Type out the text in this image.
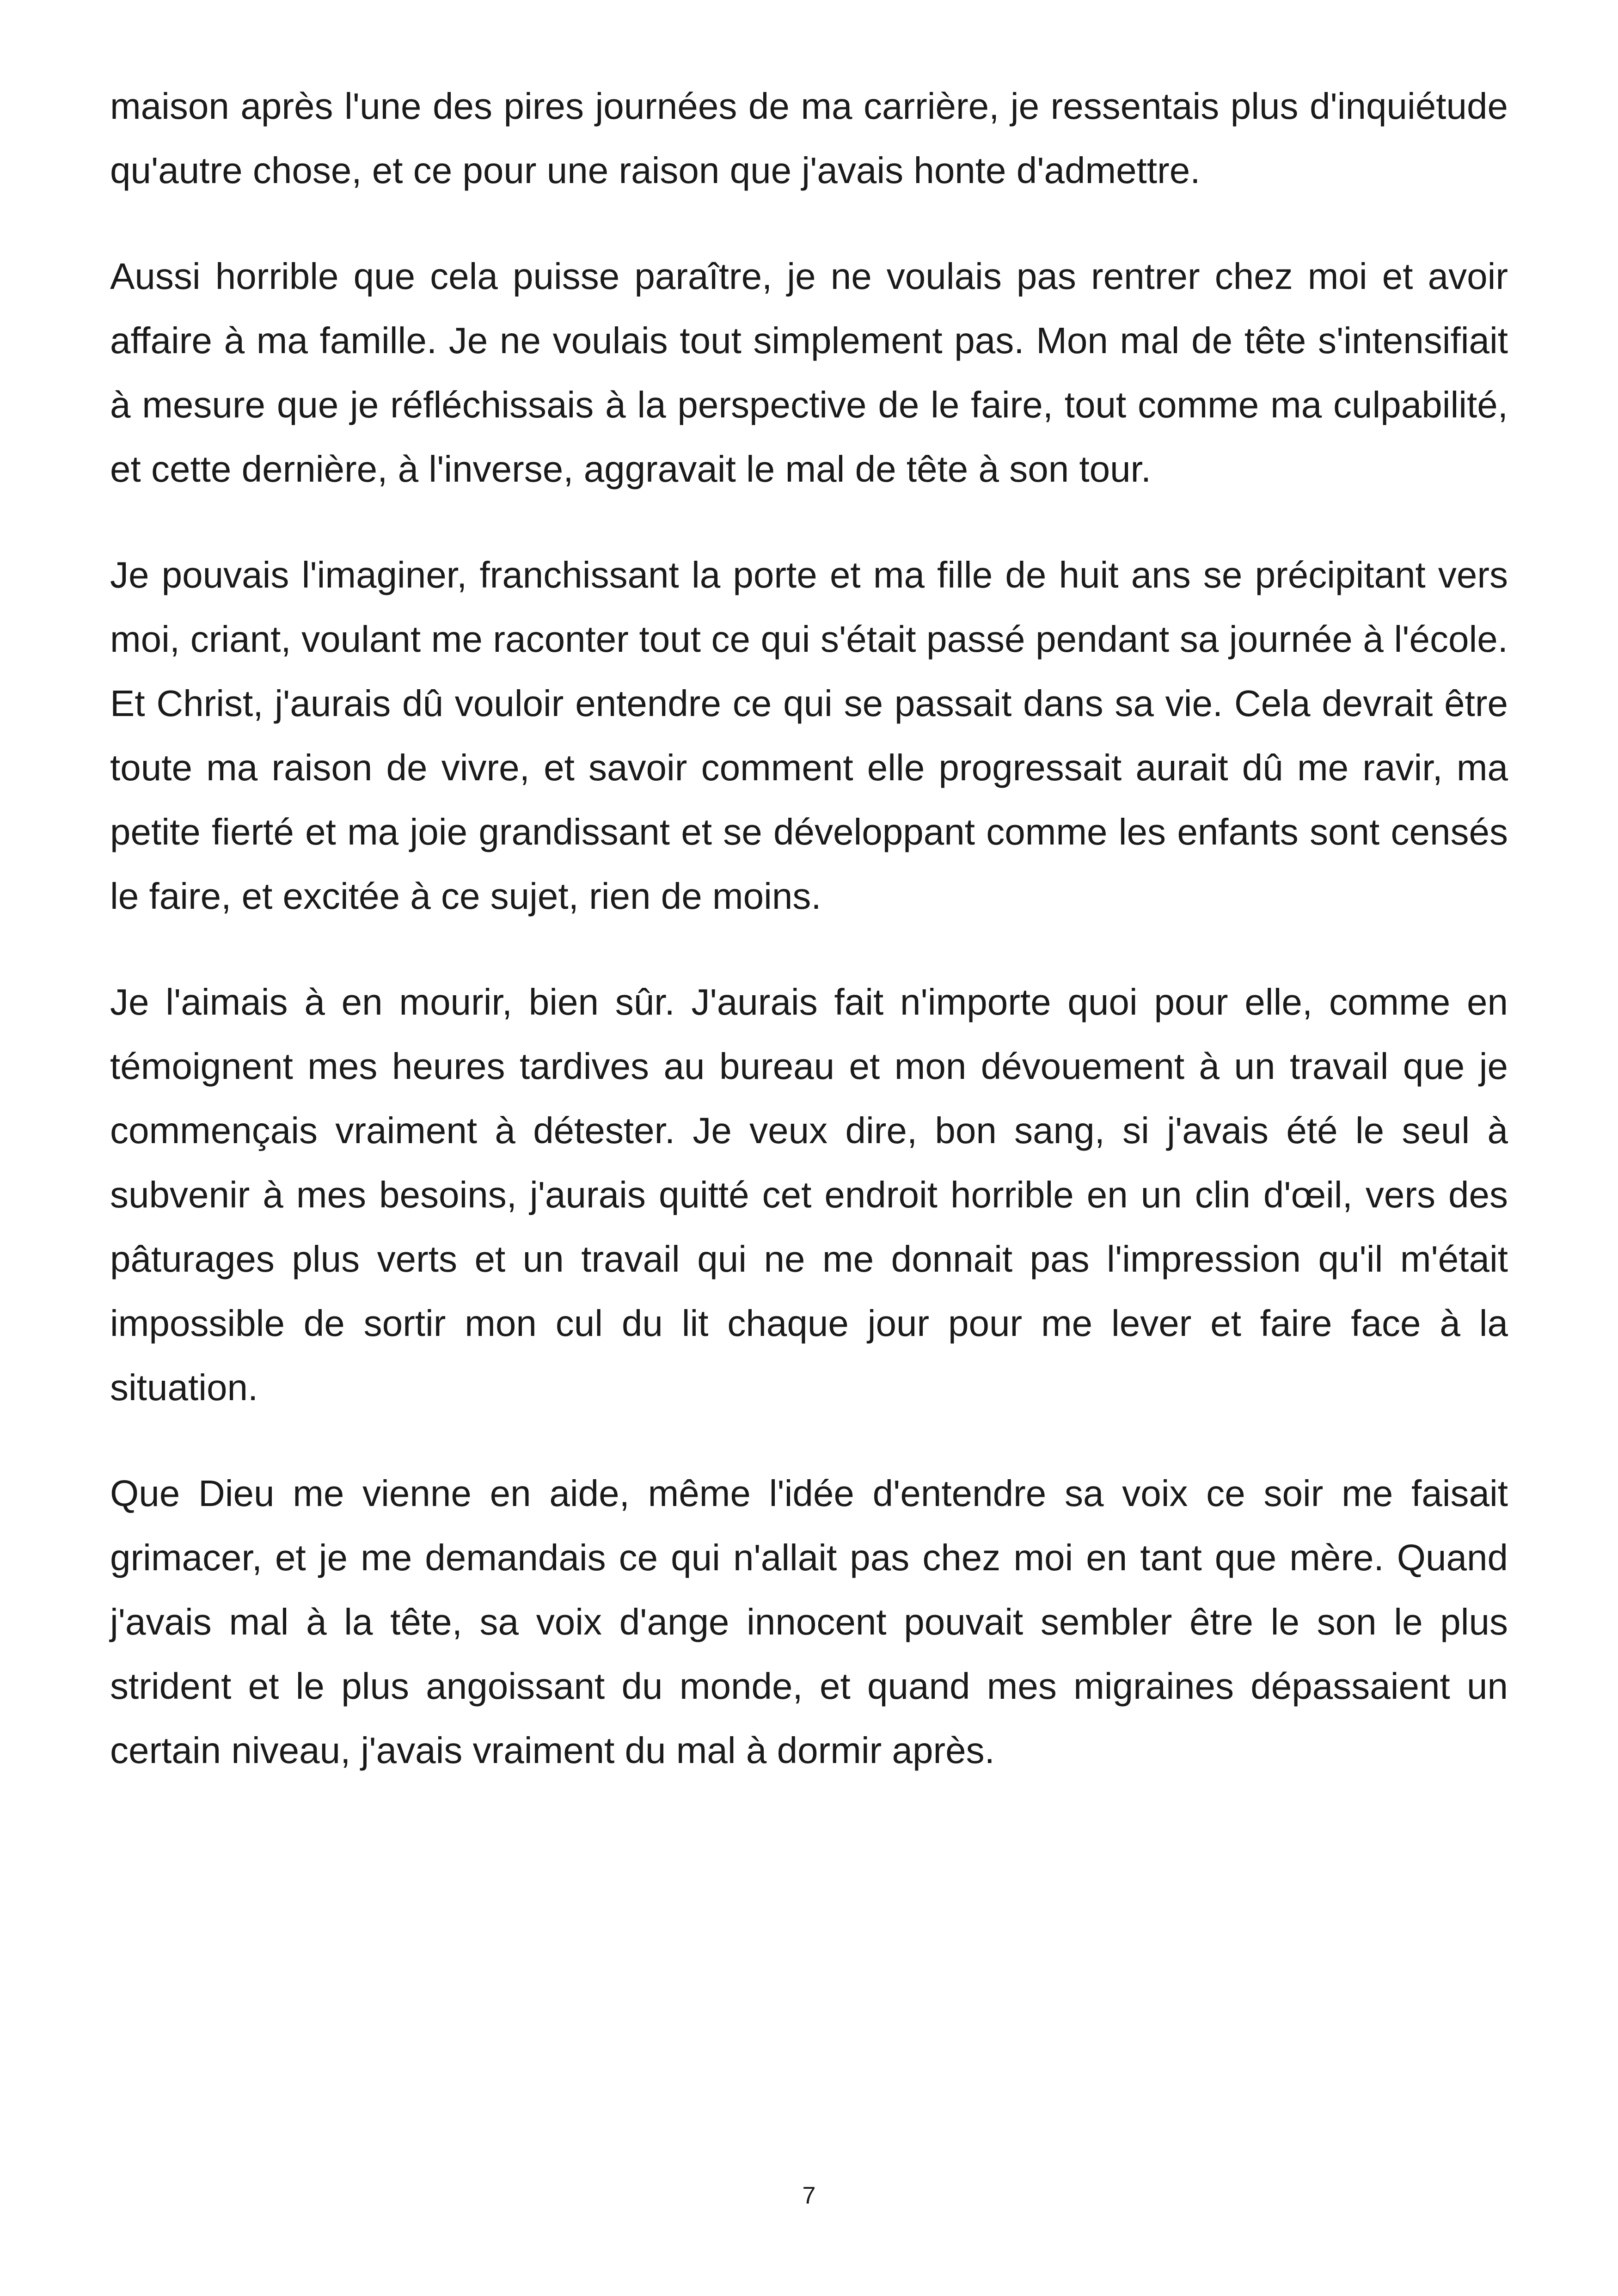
maison après l'une des pires journées de ma carrière, je ressentais plus d'inquiétude qu'autre chose, et ce pour une raison que j'avais honte d'admettre.

Aussi horrible que cela puisse paraître, je ne voulais pas rentrer chez moi et avoir affaire à ma famille. Je ne voulais tout simplement pas. Mon mal de tête s'intensifiait à mesure que je réfléchissais à la perspective de le faire, tout comme ma culpabilité, et cette dernière, à l'inverse, aggravait le mal de tête à son tour.

Je pouvais l'imaginer, franchissant la porte et ma fille de huit ans se précipitant vers moi, criant, voulant me raconter tout ce qui s'était passé pendant sa journée à l'école. Et Christ, j'aurais dû vouloir entendre ce qui se passait dans sa vie. Cela devrait être toute ma raison de vivre, et savoir comment elle progressait aurait dû me ravir, ma petite fierté et ma joie grandissant et se développant comme les enfants sont censés le faire, et excitée à ce sujet, rien de moins.

Je l'aimais à en mourir, bien sûr. J'aurais fait n'importe quoi pour elle, comme en témoignent mes heures tardives au bureau et mon dévouement à un travail que je commençais vraiment à détester. Je veux dire, bon sang, si j'avais été le seul à subvenir à mes besoins, j'aurais quitté cet endroit horrible en un clin d'œil, vers des pâturages plus verts et un travail qui ne me donnait pas l'impression qu'il m'était impossible de sortir mon cul du lit chaque jour pour me lever et faire face à la situation.

Que Dieu me vienne en aide, même l'idée d'entendre sa voix ce soir me faisait grimacer, et je me demandais ce qui n'allait pas chez moi en tant que mère. Quand j'avais mal à la tête, sa voix d'ange innocent pouvait sembler être le son le plus strident et le plus angoissant du monde, et quand mes migraines dépassaient un certain niveau, j'avais vraiment du mal à dormir après.

7
